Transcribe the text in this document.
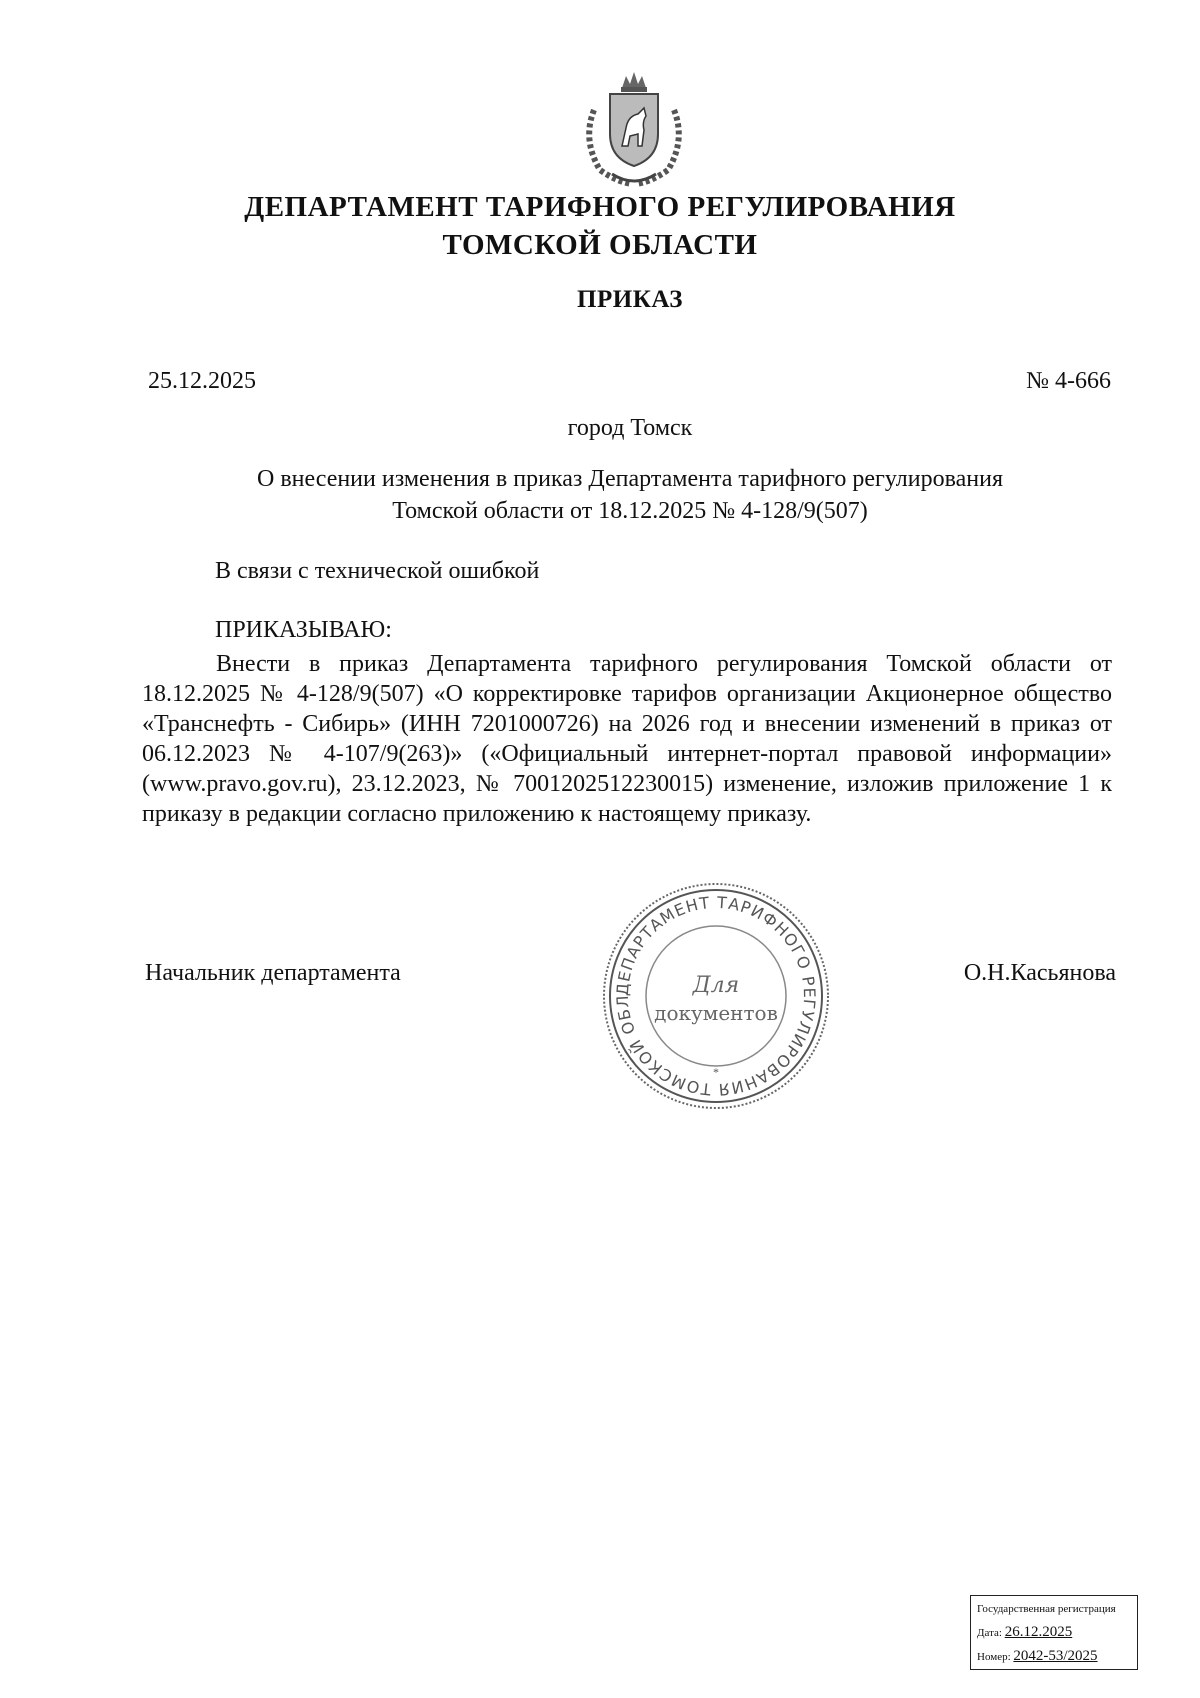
ДЕПАРТАМЕНТ ТАРИФНОГО РЕГУЛИРОВАНИЯ
ТОМСКОЙ ОБЛАСТИ
ПРИКАЗ
25.12.2025	№ 4-666
город Томск
О внесении изменения в приказ Департамента тарифного регулирования
Томской области от 18.12.2025 № 4-128/9(507)
В связи с технической ошибкой
ПРИКАЗЫВАЮ:
Внести в приказ Департамента тарифного регулирования Томской области от 18.12.2025 № 4-128/9(507) «О корректировке тарифов организации Акционерное общество «Транснефть - Сибирь» (ИНН 7201000726) на 2026 год и внесении изменений в приказ от 06.12.2023 № 4-107/9(263)» («Официальный интернет-портал правовой информации» (www.pravo.gov.ru), 23.12.2023, № 7001202512230015) изменение, изложив приложение 1 к приказу в редакции согласно приложению к настоящему приказу.
Начальник департамента	О.Н.Касьянова
ДЕПАРТАМЕНТ ТАРИФНОГО РЕГУЛИРОВАНИЯ ТОМСКОЙ ОБЛ
Для
документов
*
Государственная регистрация
Дата: 26.12.2025
Номер: 2042-53/2025
